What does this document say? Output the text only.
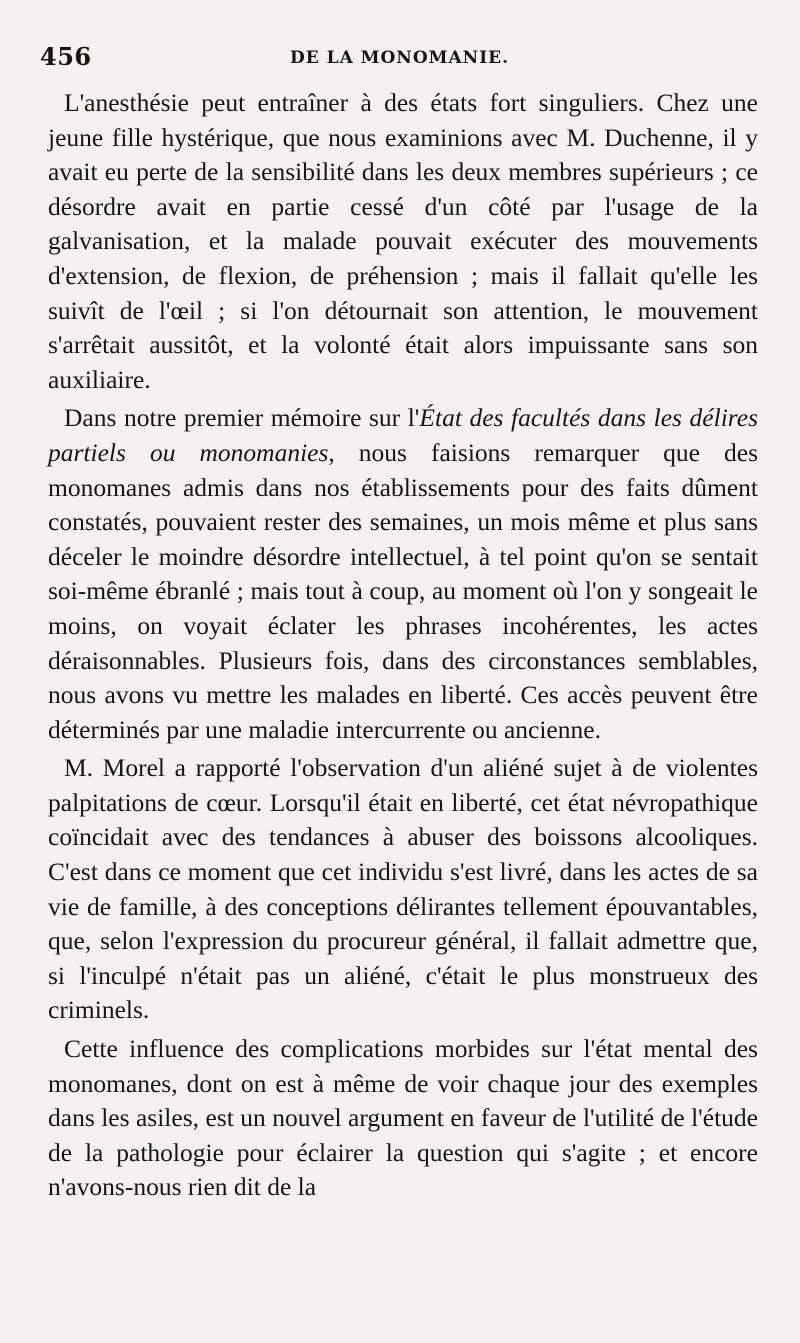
456	DE LA MONOMANIE.

L'anesthésie peut entraîner à des états fort singuliers. Chez une jeune fille hystérique, que nous examinions avec M. Duchenne, il y avait eu perte de la sensibilité dans les deux membres supérieurs ; ce désordre avait en partie cessé d'un côté par l'usage de la galvanisation, et la malade pouvait exécuter des mouvements d'extension, de flexion, de préhension ; mais il fallait qu'elle les suivît de l'œil ; si l'on détournait son attention, le mouvement s'arrêtait aussitôt, et la volonté était alors impuissante sans son auxiliaire.

Dans notre premier mémoire sur l'État des facultés dans les délires partiels ou monomanies, nous faisions remarquer que des monomanes admis dans nos établissements pour des faits dûment constatés, pouvaient rester des semaines, un mois même et plus sans déceler le moindre désordre intellectuel, à tel point qu'on se sentait soi-même ébranlé ; mais tout à coup, au moment où l'on y songeait le moins, on voyait éclater les phrases incohérentes, les actes déraisonnables. Plusieurs fois, dans des circonstances semblables, nous avons vu mettre les malades en liberté. Ces accès peuvent être déterminés par une maladie intercurrente ou ancienne.

M. Morel a rapporté l'observation d'un aliéné sujet à de violentes palpitations de cœur. Lorsqu'il était en liberté, cet état névropathique coïncidait avec des tendances à abuser des boissons alcooliques. C'est dans ce moment que cet individu s'est livré, dans les actes de sa vie de famille, à des conceptions délirantes tellement épouvantables, que, selon l'expression du procureur général, il fallait admettre que, si l'inculpé n'était pas un aliéné, c'était le plus monstrueux des criminels.

Cette influence des complications morbides sur l'état mental des monomanes, dont on est à même de voir chaque jour des exemples dans les asiles, est un nouvel argument en faveur de l'utilité de l'étude de la pathologie pour éclairer la question qui s'agite ; et encore n'avons-nous rien dit de la
